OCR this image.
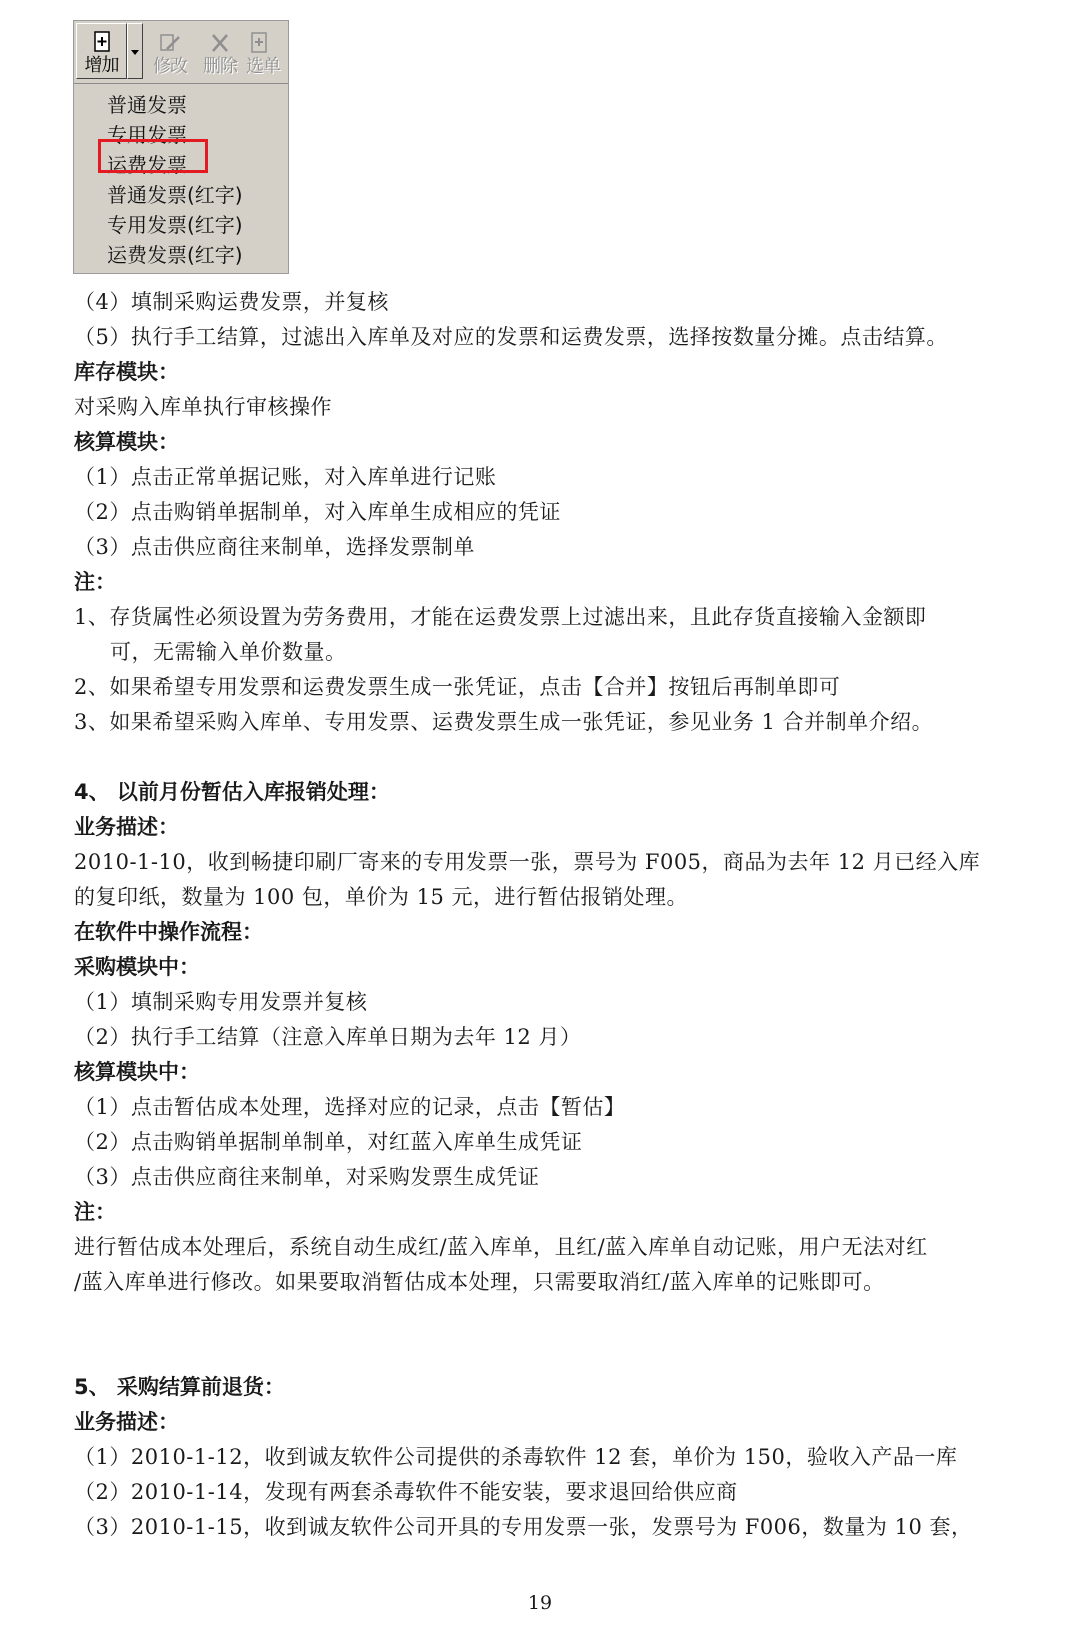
增加 修改 删除 选单
普通发票
专用发票
运费发票
普通发票(红字)
专用发票(红字)
运费发票(红字)
（4）填制采购运费发票，并复核
（5）执行手工结算，过滤出入库单及对应的发票和运费发票，选择按数量分摊。点击结算。
库存模块：
对采购入库单执行审核操作
核算模块：
（1）点击正常单据记账，对入库单进行记账
（2）点击购销单据制单，对入库单生成相应的凭证
（3）点击供应商往来制单，选择发票制单
注：
1、存货属性必须设置为劳务费用，才能在运费发票上过滤出来，且此存货直接输入金额即
可，无需输入单价数量。
2、如果希望专用发票和运费发票生成一张凭证，点击【合并】按钮后再制单即可
3、如果希望采购入库单、专用发票、运费发票生成一张凭证，参见业务 1 合并制单介绍。
4、 以前月份暂估入库报销处理：
业务描述：
2010-1-10，收到畅捷印刷厂寄来的专用发票一张，票号为 F005，商品为去年 12 月已经入库
的复印纸，数量为 100 包，单价为 15 元，进行暂估报销处理。
在软件中操作流程：
采购模块中：
（1）填制采购专用发票并复核
（2）执行手工结算（注意入库单日期为去年 12 月）
核算模块中：
（1）点击暂估成本处理，选择对应的记录，点击【暂估】
（2）点击购销单据制单制单，对红蓝入库单生成凭证
（3）点击供应商往来制单，对采购发票生成凭证
注：
进行暂估成本处理后，系统自动生成红/蓝入库单，且红/蓝入库单自动记账，用户无法对红
/蓝入库单进行修改。如果要取消暂估成本处理，只需要取消红/蓝入库单的记账即可。
5、 采购结算前退货：
业务描述：
（1）2010-1-12，收到诚友软件公司提供的杀毒软件 12 套，单价为 150，验收入产品一库
（2）2010-1-14，发现有两套杀毒软件不能安装，要求退回给供应商
（3）2010-1-15，收到诚友软件公司开具的专用发票一张，发票号为 F006，数量为 10 套，
19
